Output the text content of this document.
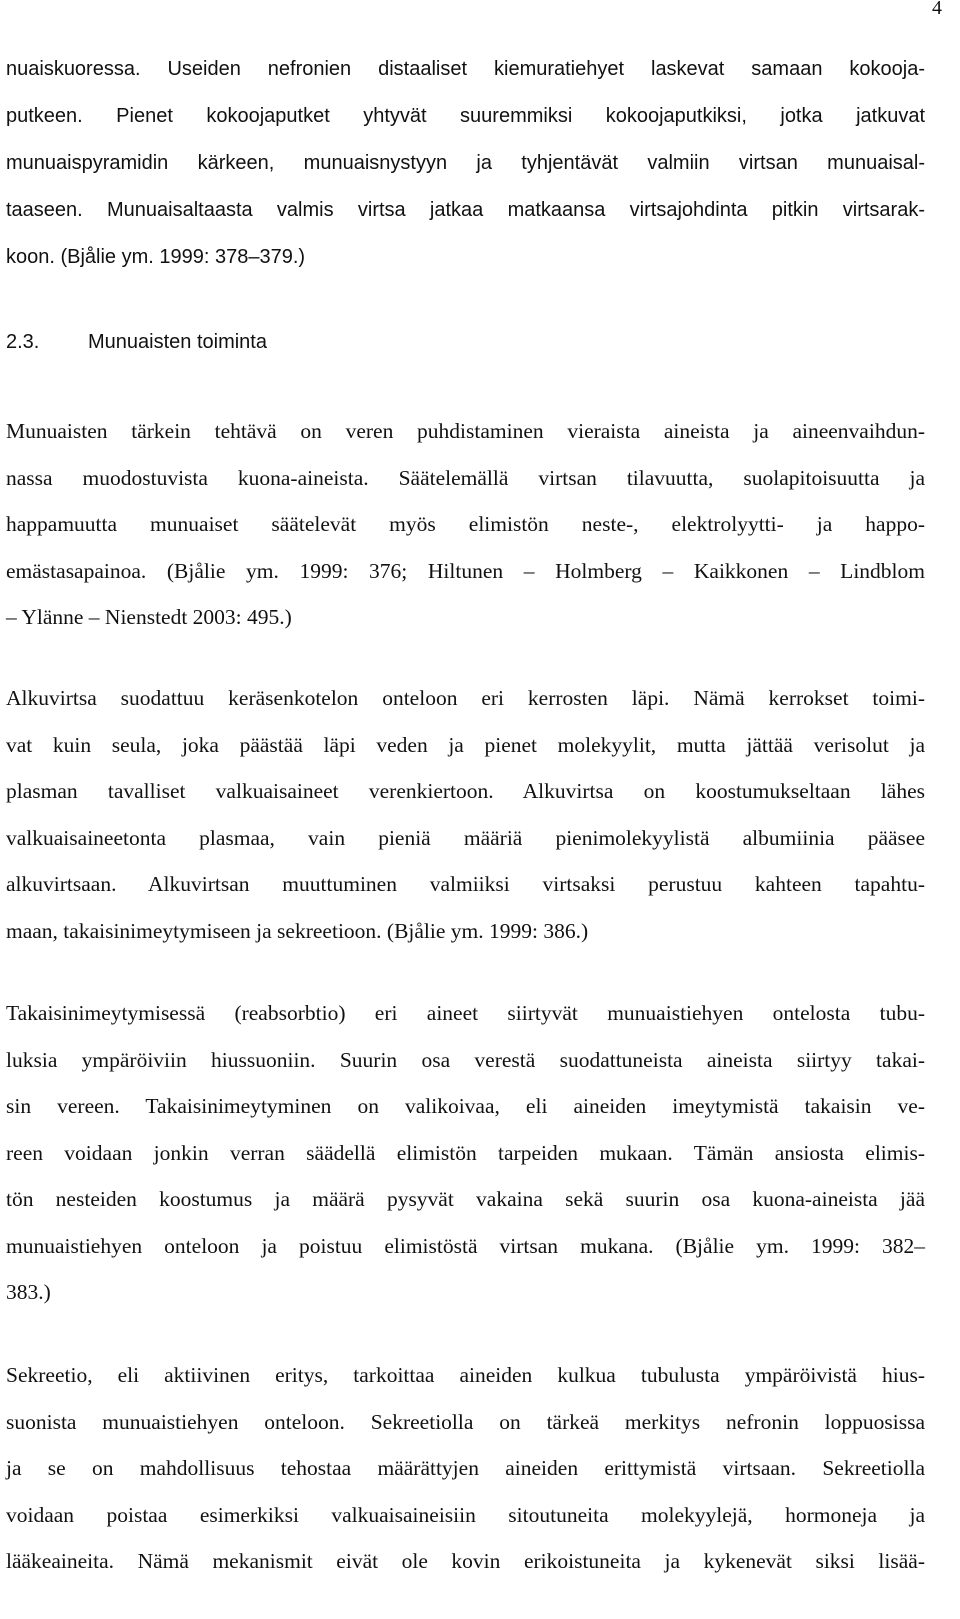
4
nuaiskuoressa. Useiden nefronien distaaliset kiemuratiehyet laskevat samaan kokooja-
putkeen. Pienet kokoojaputket yhtyvät suuremmiksi kokoojaputkiksi, jotka jatkuvat
munuaispyramidin kärkeen, munuaisnystyyn ja tyhjentävät valmiin virtsan munuaisal-
taaseen. Munuaisaltaasta valmis virtsa jatkaa matkaansa virtsajohdinta pitkin virtsarak-
koon. (Bjålie ym. 1999: 378–379.)
2.3. Munuaisten toiminta
Munuaisten tärkein tehtävä on veren puhdistaminen vieraista aineista ja aineenvaihdun-
nassa muodostuvista kuona-aineista. Säätelemällä virtsan tilavuutta, suolapitoisuutta ja
happamuutta munuaiset säätelevät myös elimistön neste-, elektrolyytti- ja happo-
emästasapainoa. (Bjålie ym. 1999: 376; Hiltunen – Holmberg – Kaikkonen – Lindblom
– Ylänne – Nienstedt 2003: 495.)
Alkuvirtsa suodattuu keräsenkotelon onteloon eri kerrosten läpi. Nämä kerrokset toimi-
vat kuin seula, joka päästää läpi veden ja pienet molekyylit, mutta jättää verisolut ja
plasman tavalliset valkuaisaineet verenkiertoon. Alkuvirtsa on koostumukseltaan lähes
valkuaisaineetonta plasmaa, vain pieniä määriä pienimolekyylistä albumiinia pääsee
alkuvirtsaan. Alkuvirtsan muuttuminen valmiiksi virtsaksi perustuu kahteen tapahtu-
maan, takaisinimeytymiseen ja sekreetioon. (Bjålie ym. 1999: 386.)
Takaisinimeytymisessä (reabsorbtio) eri aineet siirtyvät munuaistiehyen ontelosta tubu-
luksia ympäröiviin hiussuoniin. Suurin osa verestä suodattuneista aineista siirtyy takai-
sin vereen. Takaisinimeytyminen on valikoivaa, eli aineiden imeytymistä takaisin ve-
reen voidaan jonkin verran säädellä elimistön tarpeiden mukaan. Tämän ansiosta elimis-
tön nesteiden koostumus ja määrä pysyvät vakaina sekä suurin osa kuona-aineista jää
munuaistiehyen onteloon ja poistuu elimistöstä virtsan mukana. (Bjålie ym. 1999: 382–
383.)
Sekreetio, eli aktiivinen eritys, tarkoittaa aineiden kulkua tubulusta ympäröivistä hius-
suonista munuaistiehyen onteloon. Sekreetiolla on tärkeä merkitys nefronin loppuosissa
ja se on mahdollisuus tehostaa määrättyjen aineiden erittymistä virtsaan. Sekreetiolla
voidaan poistaa esimerkiksi valkuaisaineisiin sitoutuneita molekyylejä, hormoneja ja
lääkeaineita. Nämä mekanismit eivät ole kovin erikoistuneita ja kykenevät siksi lisää-
